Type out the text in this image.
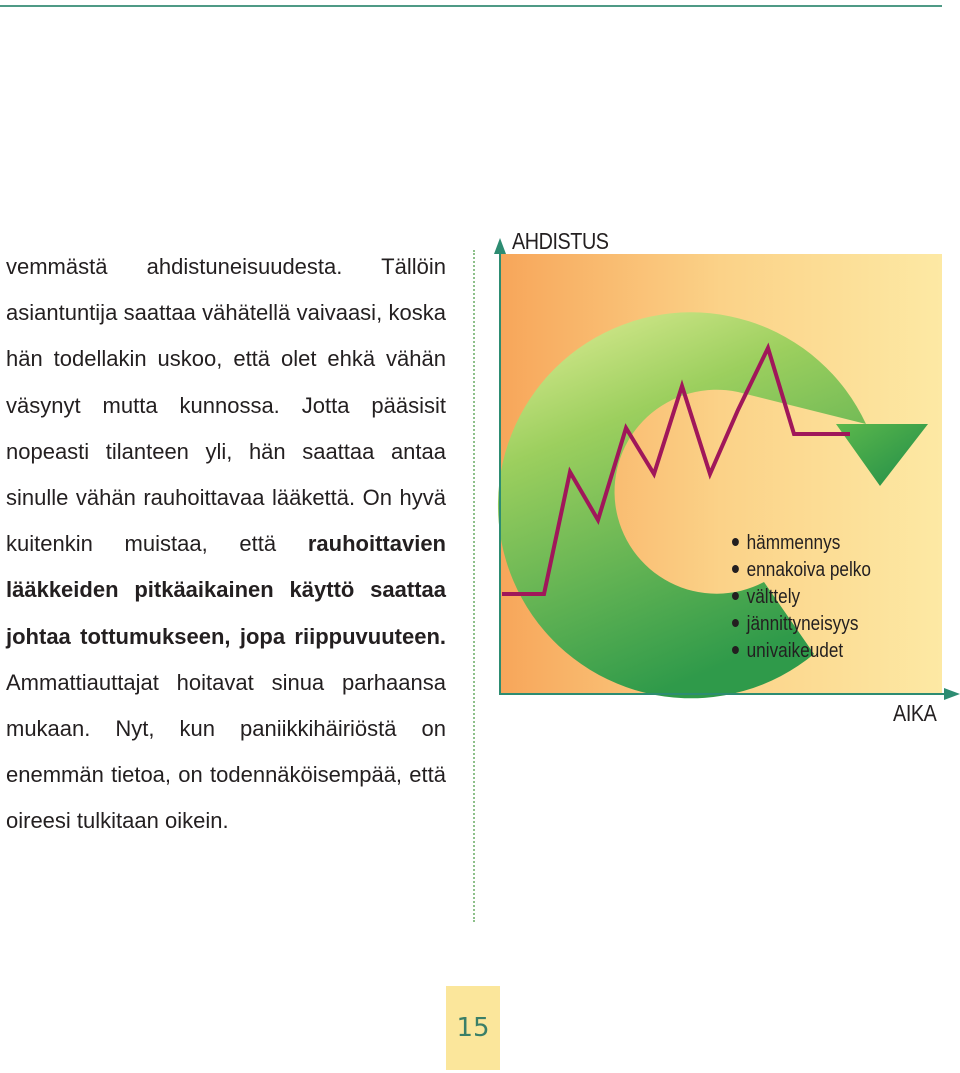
vemmästä ahdistuneisuudesta. Tällöin asiantuntija saattaa vähätellä vaivaasi, koska hän todellakin uskoo, että olet ehkä vähän väsynyt mutta kunnossa. Jotta pääsisit nopeasti tilanteen yli, hän saattaa antaa sinulle vähän rauhoittavaa lääkettä. On hyvä kuitenkin muistaa, että rauhoittavien lääkkeiden pitkäaikainen käyttö saattaa johtaa tottumukseen, jopa riippuvuuteen. Ammattiauttajat hoitavat sinua parhaansa mukaan. Nyt, kun paniikkihäiriöstä on enemmän tietoa, on todennäköisempää, että oireesi tulkitaan oikein.

AHDISTUS
AIKA
hämmennys
ennakoiva pelko
välttely
jännittyneisyys
univaikeudet
15
